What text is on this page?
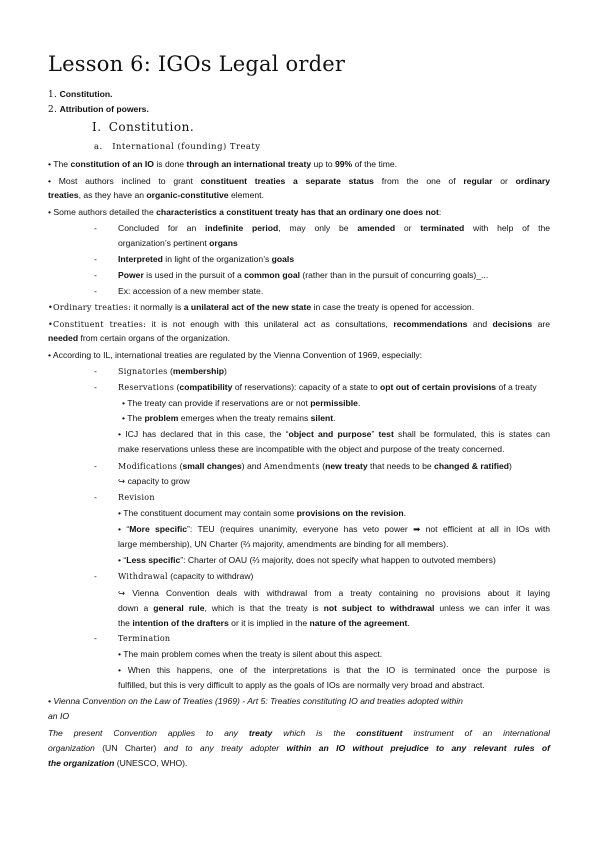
Lesson 6: IGOs Legal order
1. Constitution.
2. Attribution of powers.
I. Constitution.
a. International (founding) Treaty
• The constitution of an IO is done through an international treaty up to 99% of the time.
• Most authors inclined to grant constituent treaties a separate status from the one of regular or ordinary
treaties, as they have an organic-constitutive element.
• Some authors detailed the characteristics a constituent treaty has that an ordinary one does not:
-	Concluded for an indefinite period, may only be amended or terminated with help of the
organization’s pertinent organs
-	Interpreted in light of the organization’s goals
-	Power is used in the pursuit of a common goal (rather than in the pursuit of concurring goals)_...
-	Ex: accession of a new member state.
•Ordinary treaties: it normally is a unilateral act of the new state in case the treaty is opened for accession.
•Constituent treaties: it is not enough with this unilateral act as consultations, recommendations and decisions are
needed from certain organs of the organization.
• According to IL, international treaties are regulated by the Vienna Convention of 1969, especially:
-	Signatories (membership)
-	Reservations (compatibility of reservations): capacity of a state to opt out of certain provisions of a treaty
• The treaty can provide if reservations are or not permissible.
• The problem emerges when the treaty remains silent.
• ICJ has declared that in this case, the “object and purpose” test shall be formulated, this is states can
make reservations unless these are incompatible with the object and purpose of the treaty concerned.
-	Modifications (small changes) and Amendments (new treaty that needs to be changed & ratified)
↪ capacity to grow
-	Revision
• The constituent document may contain some provisions on the revision.
• “More specific”: TEU (requires unanimity, everyone has veto power ➡ not efficient at all in IOs with
large membership), UN Charter (⅔ majority, amendments are binding for all members).
• “Less specific”: Charter of OAU (⅔ majority, does not specify what happen to outvoted members)
-	Withdrawal (capacity to withdraw)
↪ Vienna Convention deals with withdrawal from a treaty containing no provisions about it laying
down a general rule, which is that the treaty is not subject to withdrawal unless we can infer it was
the intention of the drafters or it is implied in the nature of the agreement.
-	Termination
• The main problem comes when the treaty is silent about this aspect.
• When this happens, one of the interpretations is that the IO is terminated once the purpose is
fulfilled, but this is very difficult to apply as the goals of IOs are normally very broad and abstract.
• Vienna Convention on the Law of Treaties (1969) - Art 5: Treaties constituting IO and treaties adopted within
an IO
The present Convention applies to any treaty which is the constituent instrument of an international
organization (UN Charter) and to any treaty adopter within an IO without prejudice to any relevant rules of
the organization (UNESCO, WHO).
